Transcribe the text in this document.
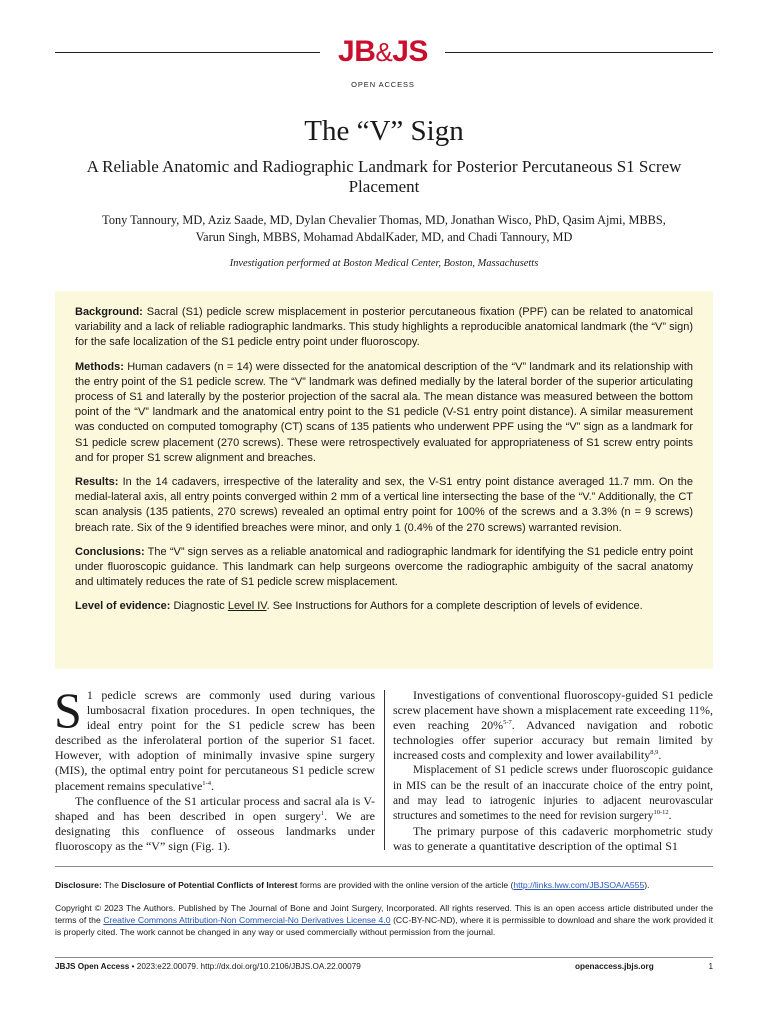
JB&JS
OPEN ACCESS
The “V” Sign
A Reliable Anatomic and Radiographic Landmark for Posterior Percutaneous S1 Screw Placement
Tony Tannoury, MD, Aziz Saade, MD, Dylan Chevalier Thomas, MD, Jonathan Wisco, PhD, Qasim Ajmi, MBBS,
Varun Singh, MBBS, Mohamad AbdalKader, MD, and Chadi Tannoury, MD
Investigation performed at Boston Medical Center, Boston, Massachusetts

Background: Sacral (S1) pedicle screw misplacement in posterior percutaneous fixation (PPF) can be related to anatomical variability and a lack of reliable radiographic landmarks. This study highlights a reproducible anatomical landmark (the “V” sign) for the safe localization of the S1 pedicle entry point under fluoroscopy.

Methods: Human cadavers (n = 14) were dissected for the anatomical description of the “V” landmark and its relationship with the entry point of the S1 pedicle screw. The “V” landmark was defined medially by the lateral border of the superior articulating process of S1 and laterally by the posterior projection of the sacral ala. The mean distance was measured between the bottom point of the “V” landmark and the anatomical entry point to the S1 pedicle (V-S1 entry point distance). A similar measurement was conducted on computed tomography (CT) scans of 135 patients who underwent PPF using the “V” sign as a landmark for S1 pedicle screw placement (270 screws). These were retrospectively evaluated for appropriateness of S1 screw entry points and for proper S1 screw alignment and breaches.

Results: In the 14 cadavers, irrespective of the laterality and sex, the V-S1 entry point distance averaged 11.7 mm. On the medial-lateral axis, all entry points converged within 2 mm of a vertical line intersecting the base of the “V.” Additionally, the CT scan analysis (135 patients, 270 screws) revealed an optimal entry point for 100% of the screws and a 3.3% (n = 9 screws) breach rate. Six of the 9 identified breaches were minor, and only 1 (0.4% of the 270 screws) warranted revision.

Conclusions: The “V” sign serves as a reliable anatomical and radiographic landmark for identifying the S1 pedicle entry point under fluoroscopic guidance. This landmark can help surgeons overcome the radiographic ambiguity of the sacral anatomy and ultimately reduces the rate of S1 pedicle screw misplacement.

Level of evidence: Diagnostic Level IV. See Instructions for Authors for a complete description of levels of evidence.

S 1 pedicle screws are commonly used during various lumbosacral fixation procedures. In open techniques, the ideal entry point for the S1 pedicle screw has been described as the inferolateral portion of the superior S1 facet. However, with adoption of minimally invasive spine surgery (MIS), the optimal entry point for percutaneous S1 pedicle screw placement remains speculative$^{1-4}$.

The confluence of the S1 articular process and sacral ala is V-shaped and has been described in open surgery$^1$. We are designating this confluence of osseous landmarks under fluoroscopy as the “V” sign (Fig. 1).

Investigations of conventional fluoroscopy-guided S1 pedicle screw placement have shown a misplacement rate exceeding 11%, even reaching 20%$^{5-7}$. Advanced navigation and robotic technologies offer superior accuracy but remain limited by increased costs and complexity and lower availability$^{8,9}$.

Misplacement of S1 pedicle screws under fluoroscopic guidance in MIS can be the result of an inaccurate choice of the entry point, and may lead to iatrogenic injuries to adjacent neurovascular structures and sometimes to the need for revision surgery$^{10-12}$.

The primary purpose of this cadaveric morphometric study was to generate a quantitative description of the optimal S1

Disclosure: The Disclosure of Potential Conflicts of Interest forms are provided with the online version of the article (http://links.lww.com/JBJSOA/A555).
Copyright © 2023 The Authors. Published by The Journal of Bone and Joint Surgery, Incorporated. All rights reserved. This is an open access article distributed under the terms of the Creative Commons Attribution-Non Commercial-No Derivatives License 4.0 (CC-BY-NC-ND), where it is permissible to download and share the work provided it is properly cited. The work cannot be changed in any way or used commercially without permission from the journal.
JBJS Open Access • 2023:e22.00079. http://dx.doi.org/10.2106/JBJS.OA.22.00079	openaccess.jbjs.org	1
